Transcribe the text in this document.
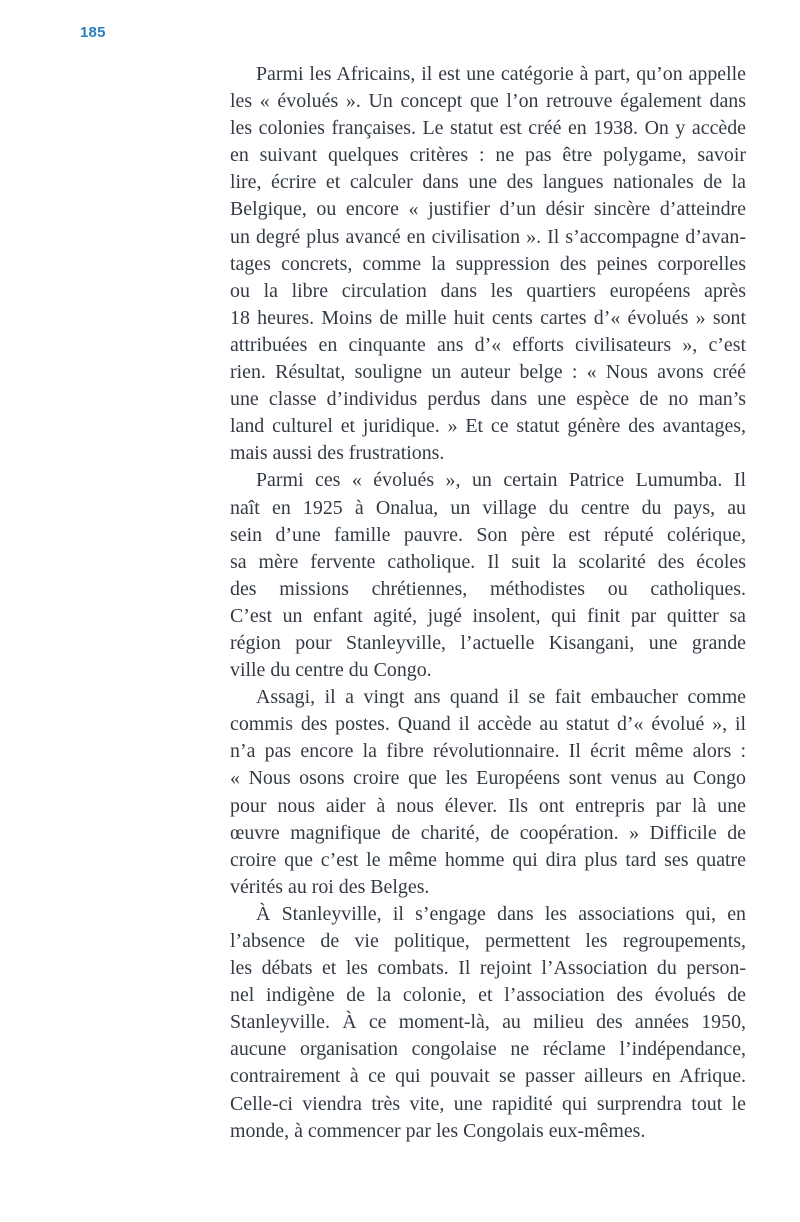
185
Parmi les Africains, il est une catégorie à part, qu’on appelle
les « évolués ». Un concept que l’on retrouve également dans
les colonies françaises. Le statut est créé en 1938. On y accède
en suivant quelques critères : ne pas être polygame, savoir
lire, écrire et calculer dans une des langues nationales de la
Belgique, ou encore « justifier d’un désir sincère d’atteindre
un degré plus avancé en civilisation ». Il s’accompagne d’avan-
tages concrets, comme la suppression des peines corporelles
ou la libre circulation dans les quartiers européens après
18 heures. Moins de mille huit cents cartes d’« évolués » sont
attribuées en cinquante ans d’« efforts civilisateurs », c’est
rien. Résultat, souligne un auteur belge : « Nous avons créé
une classe d’individus perdus dans une espèce de no man’s
land culturel et juridique. » Et ce statut génère des avantages,
mais aussi des frustrations.
Parmi ces « évolués », un certain Patrice Lumumba. Il
naît en 1925 à Onalua, un village du centre du pays, au
sein d’une famille pauvre. Son père est réputé colérique,
sa mère fervente catholique. Il suit la scolarité des écoles
des missions chrétiennes, méthodistes ou catholiques.
C’est un enfant agité, jugé insolent, qui finit par quitter sa
région pour Stanleyville, l’actuelle Kisangani, une grande
ville du centre du Congo.
Assagi, il a vingt ans quand il se fait embaucher comme
commis des postes. Quand il accède au statut d’« évolué », il
n’a pas encore la fibre révolutionnaire. Il écrit même alors :
« Nous osons croire que les Européens sont venus au Congo
pour nous aider à nous élever. Ils ont entrepris par là une
œuvre magnifique de charité, de coopération. » Difficile de
croire que c’est le même homme qui dira plus tard ses quatre
vérités au roi des Belges.
À Stanleyville, il s’engage dans les associations qui, en
l’absence de vie politique, permettent les regroupements,
les débats et les combats. Il rejoint l’Association du person-
nel indigène de la colonie, et l’association des évolués de
Stanleyville. À ce moment-là, au milieu des années 1950,
aucune organisation congolaise ne réclame l’indépendance,
contrairement à ce qui pouvait se passer ailleurs en Afrique.
Celle-ci viendra très vite, une rapidité qui surprendra tout le
monde, à commencer par les Congolais eux-mêmes.
